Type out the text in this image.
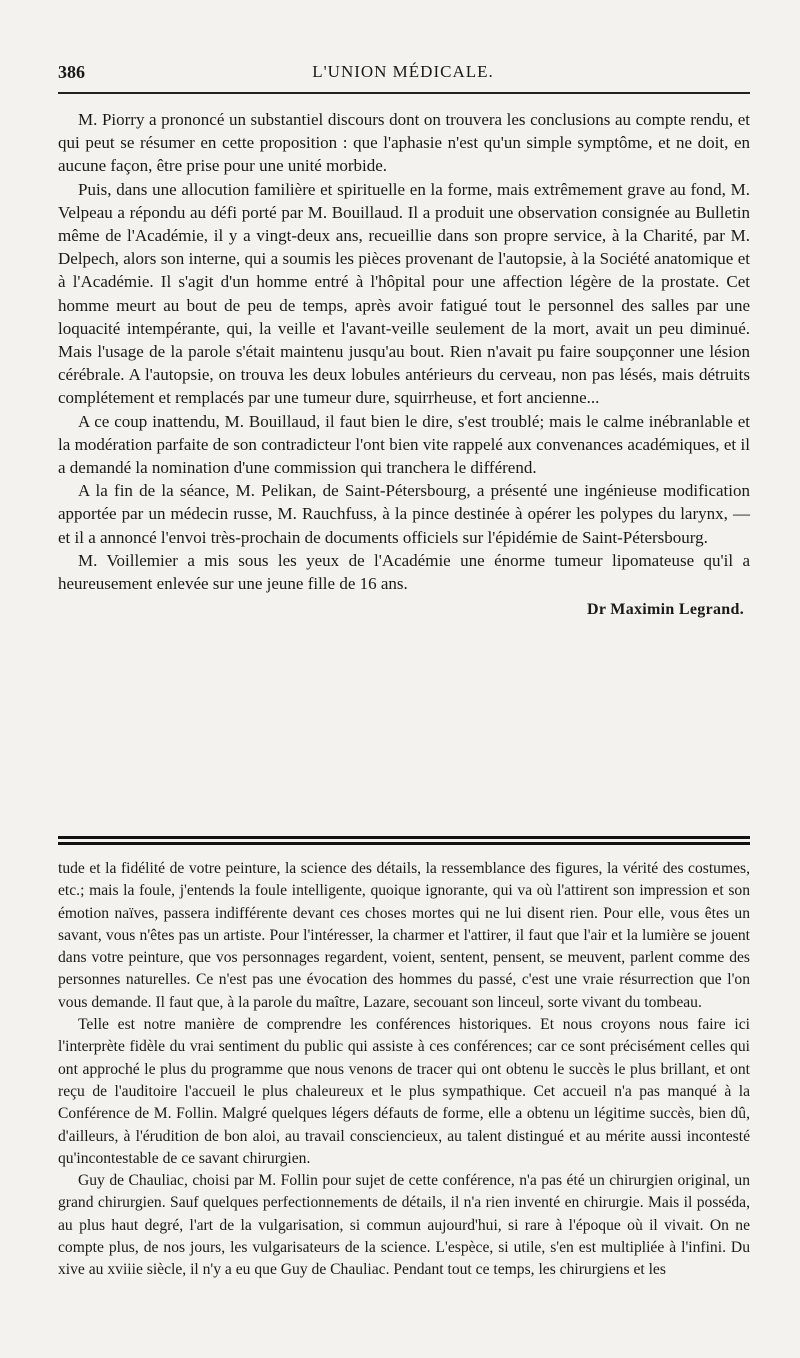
386	L'UNION MÉDICALE.

M. Piorry a prononcé un substantiel discours dont on trouvera les conclusions au compte rendu, et qui peut se résumer en cette proposition : que l'aphasie n'est qu'un simple symptôme, et ne doit, en aucune façon, être prise pour une unité morbide.

Puis, dans une allocution familière et spirituelle en la forme, mais extrêmement grave au fond, M. Velpeau a répondu au défi porté par M. Bouillaud. Il a produit une observation consignée au Bulletin même de l'Académie, il y a vingt-deux ans, recueillie dans son propre service, à la Charité, par M. Delpech, alors son interne, qui a soumis les pièces provenant de l'autopsie, à la Société anatomique et à l'Académie. Il s'agit d'un homme entré à l'hôpital pour une affection légère de la prostate. Cet homme meurt au bout de peu de temps, après avoir fatigué tout le personnel des salles par une loquacité intempérante, qui, la veille et l'avant-veille seulement de la mort, avait un peu diminué. Mais l'usage de la parole s'était maintenu jusqu'au bout. Rien n'avait pu faire soupçonner une lésion cérébrale. A l'autopsie, on trouva les deux lobules antérieurs du cerveau, non pas lésés, mais détruits complétement et remplacés par une tumeur dure, squirrheuse, et fort ancienne...

A ce coup inattendu, M. Bouillaud, il faut bien le dire, s'est troublé; mais le calme inébranlable et la modération parfaite de son contradicteur l'ont bien vite rappelé aux convenances académiques, et il a demandé la nomination d'une commission qui tranchera le différend.

A la fin de la séance, M. Pelikan, de Saint-Pétersbourg, a présenté une ingénieuse modification apportée par un médecin russe, M. Rauchfuss, à la pince destinée à opérer les polypes du larynx, — et il a annoncé l'envoi très-prochain de documents officiels sur l'épidémie de Saint-Pétersbourg.

M. Voillemier a mis sous les yeux de l'Académie une énorme tumeur lipomateuse qu'il a heureusement enlevée sur une jeune fille de 16 ans.

Dr Maximin Legrand.

tude et la fidélité de votre peinture, la science des détails, la ressemblance des figures, la vérité des costumes, etc.; mais la foule, j'entends la foule intelligente, quoique ignorante, qui va où l'attirent son impression et son émotion naïves, passera indifférente devant ces choses mortes qui ne lui disent rien. Pour elle, vous êtes un savant, vous n'êtes pas un artiste. Pour l'intéresser, la charmer et l'attirer, il faut que l'air et la lumière se jouent dans votre peinture, que vos personnages regardent, voient, sentent, pensent, se meuvent, parlent comme des personnes naturelles. Ce n'est pas une évocation des hommes du passé, c'est une vraie résurrection que l'on vous demande. Il faut que, à la parole du maître, Lazare, secouant son linceul, sorte vivant du tombeau.

Telle est notre manière de comprendre les conférences historiques. Et nous croyons nous faire ici l'interprète fidèle du vrai sentiment du public qui assiste à ces conférences; car ce sont précisément celles qui ont approché le plus du programme que nous venons de tracer qui ont obtenu le succès le plus brillant, et ont reçu de l'auditoire l'accueil le plus chaleureux et le plus sympathique. Cet accueil n'a pas manqué à la Conférence de M. Follin. Malgré quelques légers défauts de forme, elle a obtenu un légitime succès, bien dû, d'ailleurs, à l'érudition de bon aloi, au travail consciencieux, au talent distingué et au mérite aussi incontesté qu'incontestable de ce savant chirurgien.

Guy de Chauliac, choisi par M. Follin pour sujet de cette conférence, n'a pas été un chirurgien original, un grand chirurgien. Sauf quelques perfectionnements de détails, il n'a rien inventé en chirurgie. Mais il posséda, au plus haut degré, l'art de la vulgarisation, si commun aujourd'hui, si rare à l'époque où il vivait. On ne compte plus, de nos jours, les vulgarisateurs de la science. L'espèce, si utile, s'en est multipliée à l'infini. Du xive au xviiie siècle, il n'y a eu que Guy de Chauliac. Pendant tout ce temps, les chirurgiens et les
